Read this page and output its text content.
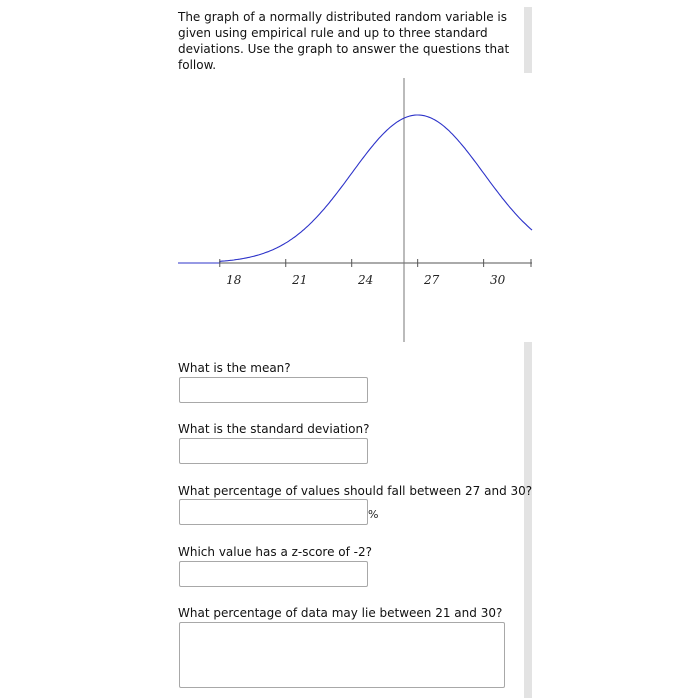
The graph of a normally distributed random variable is given using empirical rule and up to three standard deviations. Use the graph to answer the questions that follow.
18	21	24	27	30
What is the mean?
What is the standard deviation?
What percentage of values should fall between 27 and 30?
%
Which value has a z-score of -2?
What percentage of data may lie between 21 and 30?
